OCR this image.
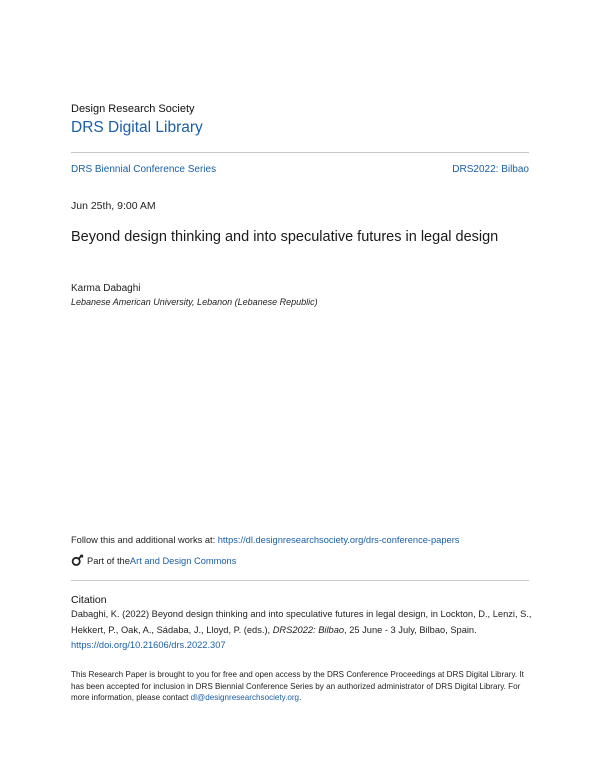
Design Research Society
DRS Digital Library
DRS Biennial Conference Series	DRS2022: Bilbao
Jun 25th, 9:00 AM
Beyond design thinking and into speculative futures in legal design
Karma Dabaghi
Lebanese American University, Lebanon (Lebanese Republic)
Follow this and additional works at: https://dl.designresearchsociety.org/drs-conference-papers
Part of the Art and Design Commons
Citation
Dabaghi, K. (2022) Beyond design thinking and into speculative futures in legal design, in Lockton, D., Lenzi, S., Hekkert, P., Oak, A., Sádaba, J., Lloyd, P. (eds.), DRS2022: Bilbao, 25 June - 3 July, Bilbao, Spain.
https://doi.org/10.21606/drs.2022.307
This Research Paper is brought to you for free and open access by the DRS Conference Proceedings at DRS Digital Library. It has been accepted for inclusion in DRS Biennial Conference Series by an authorized administrator of DRS Digital Library. For more information, please contact dl@designresearchsociety.org.
